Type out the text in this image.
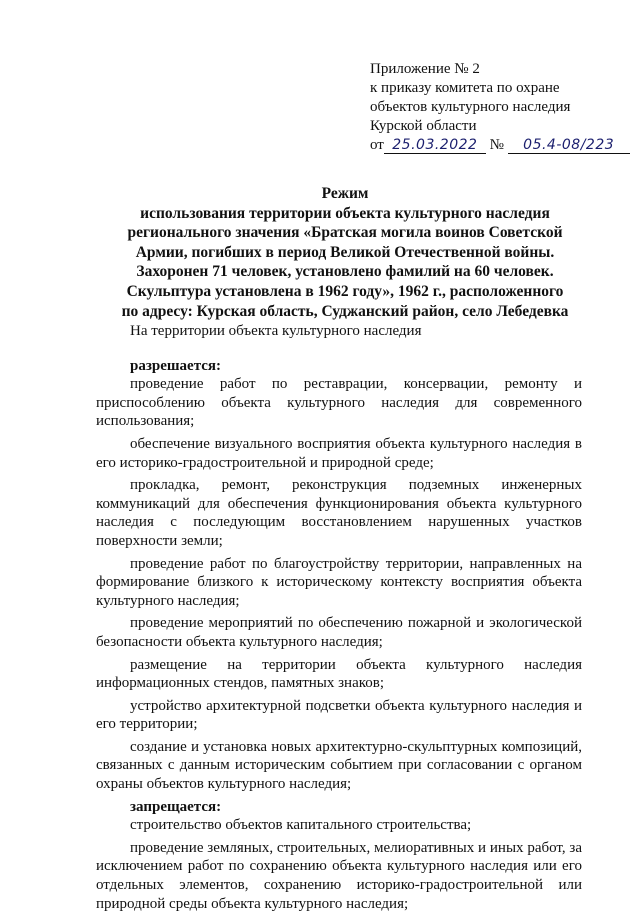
Приложение № 2
к приказу комитета по охране
объектов культурного наследия
Курской области
от 25.03.2022 № 05.4-08/223
Режим
использования территории объекта культурного наследия
регионального значения «Братская могила воинов Советской
Армии, погибших в период Великой Отечественной войны.
Захоронен 71 человек, установлено фамилий на 60 человек.
Скульптура установлена в 1962 году», 1962 г., расположенного
по адресу: Курская область, Суджанский район, село Лебедевка

На территории объекта культурного наследия

разрешается:

проведение работ по реставрации, консервации, ремонту и приспособлению объекта культурного наследия для современного использования;

обеспечение визуального восприятия объекта культурного наследия в его историко-градостроительной и природной среде;

прокладка, ремонт, реконструкция подземных инженерных коммуникаций для обеспечения функционирования объекта культурного наследия с последующим восстановлением нарушенных участков поверхности земли;

проведение работ по благоустройству территории, направленных на формирование близкого к историческому контексту восприятия объекта культурного наследия;

проведение мероприятий по обеспечению пожарной и экологической безопасности объекта культурного наследия;

размещение на территории объекта культурного наследия информационных стендов, памятных знаков;

устройство архитектурной подсветки объекта культурного наследия и его территории;

создание и установка новых архитектурно-скульптурных композиций, связанных с данным историческим событием при согласовании с органом охраны объектов культурного наследия;

запрещается:

строительство объектов капитального строительства;

проведение земляных, строительных, мелиоративных и иных работ, за исключением работ по сохранению объекта культурного наследия или его отдельных элементов, сохранению историко-градостроительной или природной среды объекта культурного наследия;
